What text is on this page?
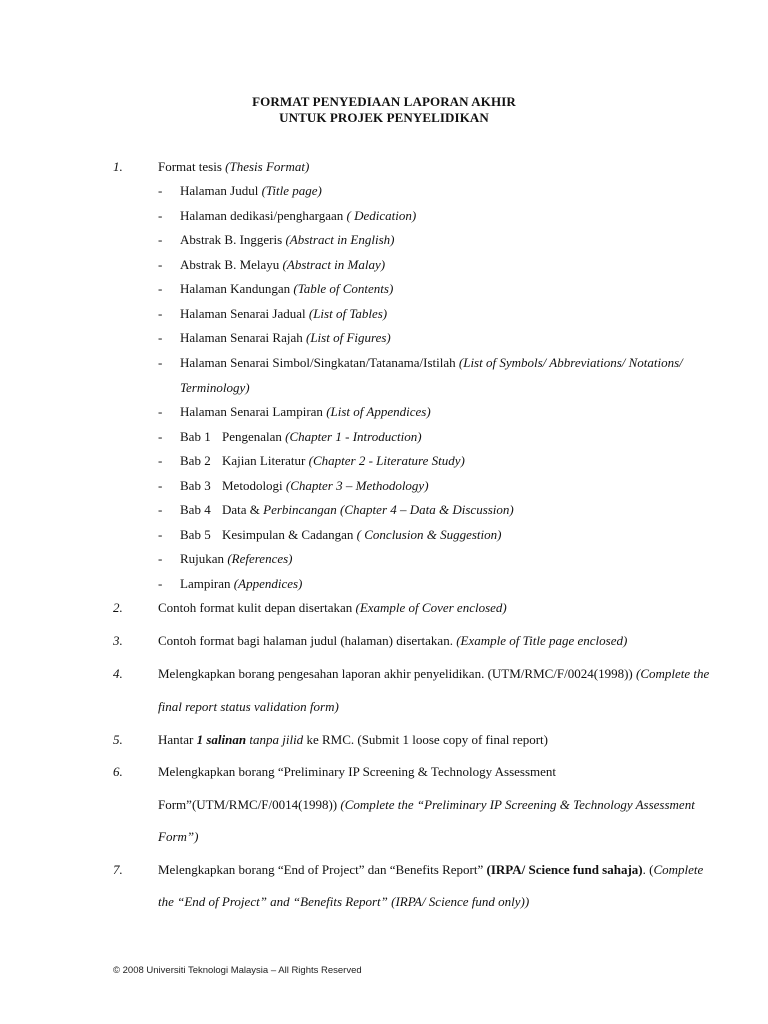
FORMAT PENYEDIAAN LAPORAN AKHIR
UNTUK PROJEK PENYELIDIKAN
1.	Format tesis (Thesis Format)
- Halaman Judul (Title page)
- Halaman dedikasi/penghargaan ( Dedication)
- Abstrak B. Inggeris (Abstract in English)
- Abstrak B. Melayu (Abstract in Malay)
- Halaman Kandungan (Table of Contents)
- Halaman Senarai Jadual (List of Tables)
- Halaman Senarai Rajah (List of Figures)
- Halaman Senarai Simbol/Singkatan/Tatanama/Istilah (List of Symbols/ Abbreviations/ Notations/
Terminology)
- Halaman Senarai Lampiran (List of Appendices)
- Bab 1 Pengenalan (Chapter 1 - Introduction)
- Bab 2 Kajian Literatur (Chapter 2 - Literature Study)
- Bab 3 Metodologi (Chapter 3 – Methodology)
- Bab 4 Data & Perbincangan (Chapter 4 – Data & Discussion)
- Bab 5 Kesimpulan & Cadangan ( Conclusion & Suggestion)
- Rujukan (References)
- Lampiran (Appendices)
2.	Contoh format kulit depan disertakan (Example of Cover enclosed)
3.	Contoh format bagi halaman judul (halaman) disertakan. (Example of Title page enclosed)
4.	Melengkapkan borang pengesahan laporan akhir penyelidikan. (UTM/RMC/F/0024(1998)) (Complete the
final report status validation form)
5.	Hantar 1 salinan tanpa jilid ke RMC. (Submit 1 loose copy of final report)
6.	Melengkapkan borang “Preliminary IP Screening & Technology Assessment
Form”(UTM/RMC/F/0014(1998)) (Complete the “Preliminary IP Screening & Technology Assessment
Form”)
7.	Melengkapkan borang “End of Project” dan “Benefits Report” (IRPA/ Science fund sahaja). (Complete
the “End of Project” and “Benefits Report” (IRPA/ Science fund only))
© 2008 Universiti Teknologi Malaysia – All Rights Reserved
